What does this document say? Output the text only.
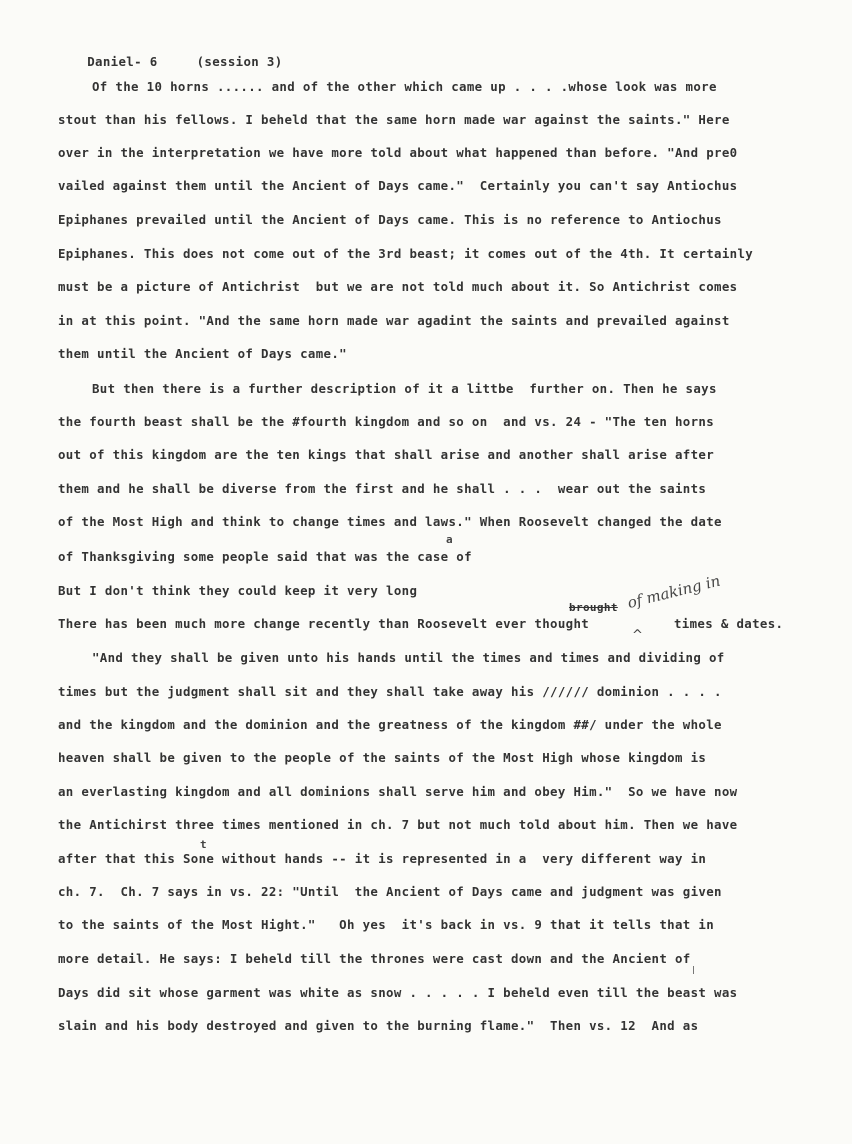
Daniel- 6	(session 3)

Of the 10 horns ...... and of the other which came up . . . .whose look was more
stout than his fellows. I beheld that the same horn made war against the saints." Here
over in the interpretation we have more told about what happened than before. "And pre0
vailed against them until the Ancient of Days came."  Certainly you can't say Antiochus
Epiphanes prevailed until the Ancient of Days came. This is no reference to Antiochus
Epiphanes. This does not come out of the 3rd beast; it comes out of the 4th. It certainly
must be a picture of Antichrist  but we are not told much about it. So Antichrist comes
in at this point. "And the same horn made war agadint the saints and prevailed against
them until the Ancient of Days came."
But then there is a further description of it a littbe  further on. Then he says
the fourth beast shall be the #fourth kingdom and so on  and vs. 24 - "The ten horns
out of this kingdom are the ten kings that shall arise and another shall arise after
them and he shall be diverse from the first and he shall . . .  wear out the saints
of the Most High and think to change times and laws." When Roosevelt changed the date
a
of Thanksgiving some people said that was the case of
But I don't think they could keep it very long
brought of making in
^
There has been much more change recently than Roosevelt ever thought	times & dates.
"And they shall be given unto his hands until the times and times and dividing of
times but the judgment shall sit and they shall take away his ////// dominion . . . .
and the kingdom and the dominion and the greatness of the kingdom ##/ under the whole
heaven shall be given to the people of the saints of the Most High whose kingdom is
an everlasting kingdom and all dominions shall serve him and obey Him."  So we have now
the Antichirst three times mentioned in ch. 7 but not much told about him. Then we have
t
after that this Sone without hands -- it is represented in a  very different way in
ch. 7.  Ch. 7 says in vs. 22: "Until  the Ancient of Days came and judgment was given
to the saints of the Most Hight."   Oh yes  it's back in vs. 9 that it tells that in
more detail. He says: I beheld till the thrones were cast down and the Ancient of
Days did sit whose garment was white as snow . . . . . I beheld even till the beast was
slain and his body destroyed and given to the burning flame."  Then vs. 12  And as
